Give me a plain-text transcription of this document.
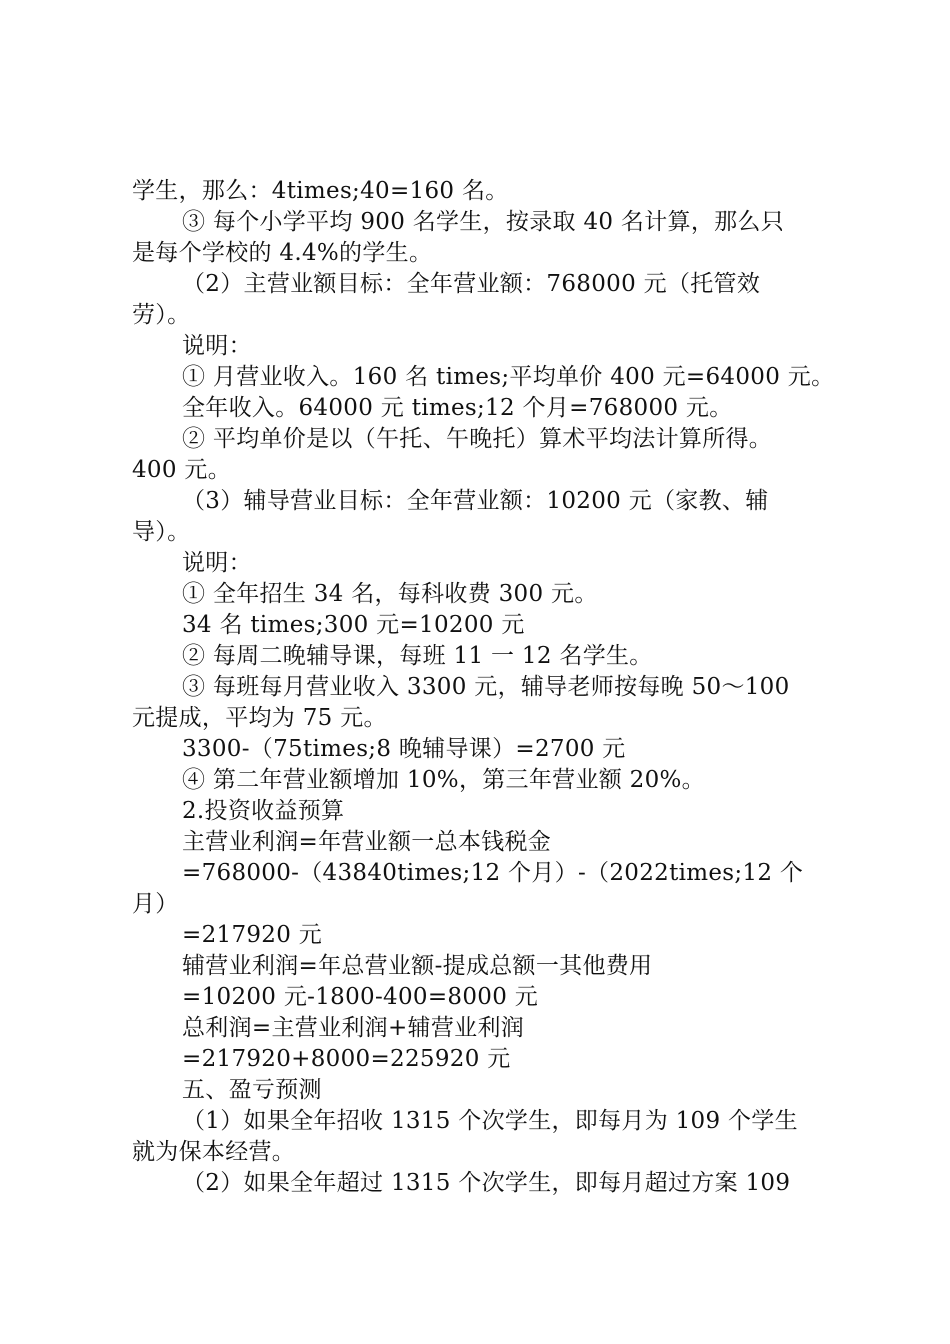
学生，那么：4times;40=160 名。
③ 每个小学平均 900 名学生，按录取 40 名计算，那么只
是每个学校的 4.4%的学生。
（2）主营业额目标：全年营业额：768000 元（托管效
劳）。
说明：
① 月营业收入。160 名 times;平均单价 400 元=64000 元。
全年收入。64000 元 times;12 个月=768000 元。
② 平均单价是以（午托、午晚托）算术平均法计算所得。
400 元。
（3）辅导营业目标：全年营业额：10200 元（家教、辅
导）。
说明：
① 全年招生 34 名，每科收费 300 元。
34 名 times;300 元=10200 元
② 每周二晚辅导课，每班 11 一 12 名学生。
③ 每班每月营业收入 3300 元，辅导老师按每晚 50～100
元提成，平均为 75 元。
3300-（75times;8 晚辅导课）=2700 元
④ 第二年营业额增加 10%，第三年营业额 20%。
2.投资收益预算
主营业利润=年营业额一总本钱税金
=768000-（43840times;12 个月）-（2022times;12 个
月）
=217920 元
辅营业利润=年总营业额-提成总额一其他费用
=10200 元-1800-400=8000 元
总利润=主营业利润+辅营业利润
=217920+8000=225920 元
五、盈亏预测
（1）如果全年招收 1315 个次学生，即每月为 109 个学生
就为保本经营。
（2）如果全年超过 1315 个次学生，即每月超过方案 109
